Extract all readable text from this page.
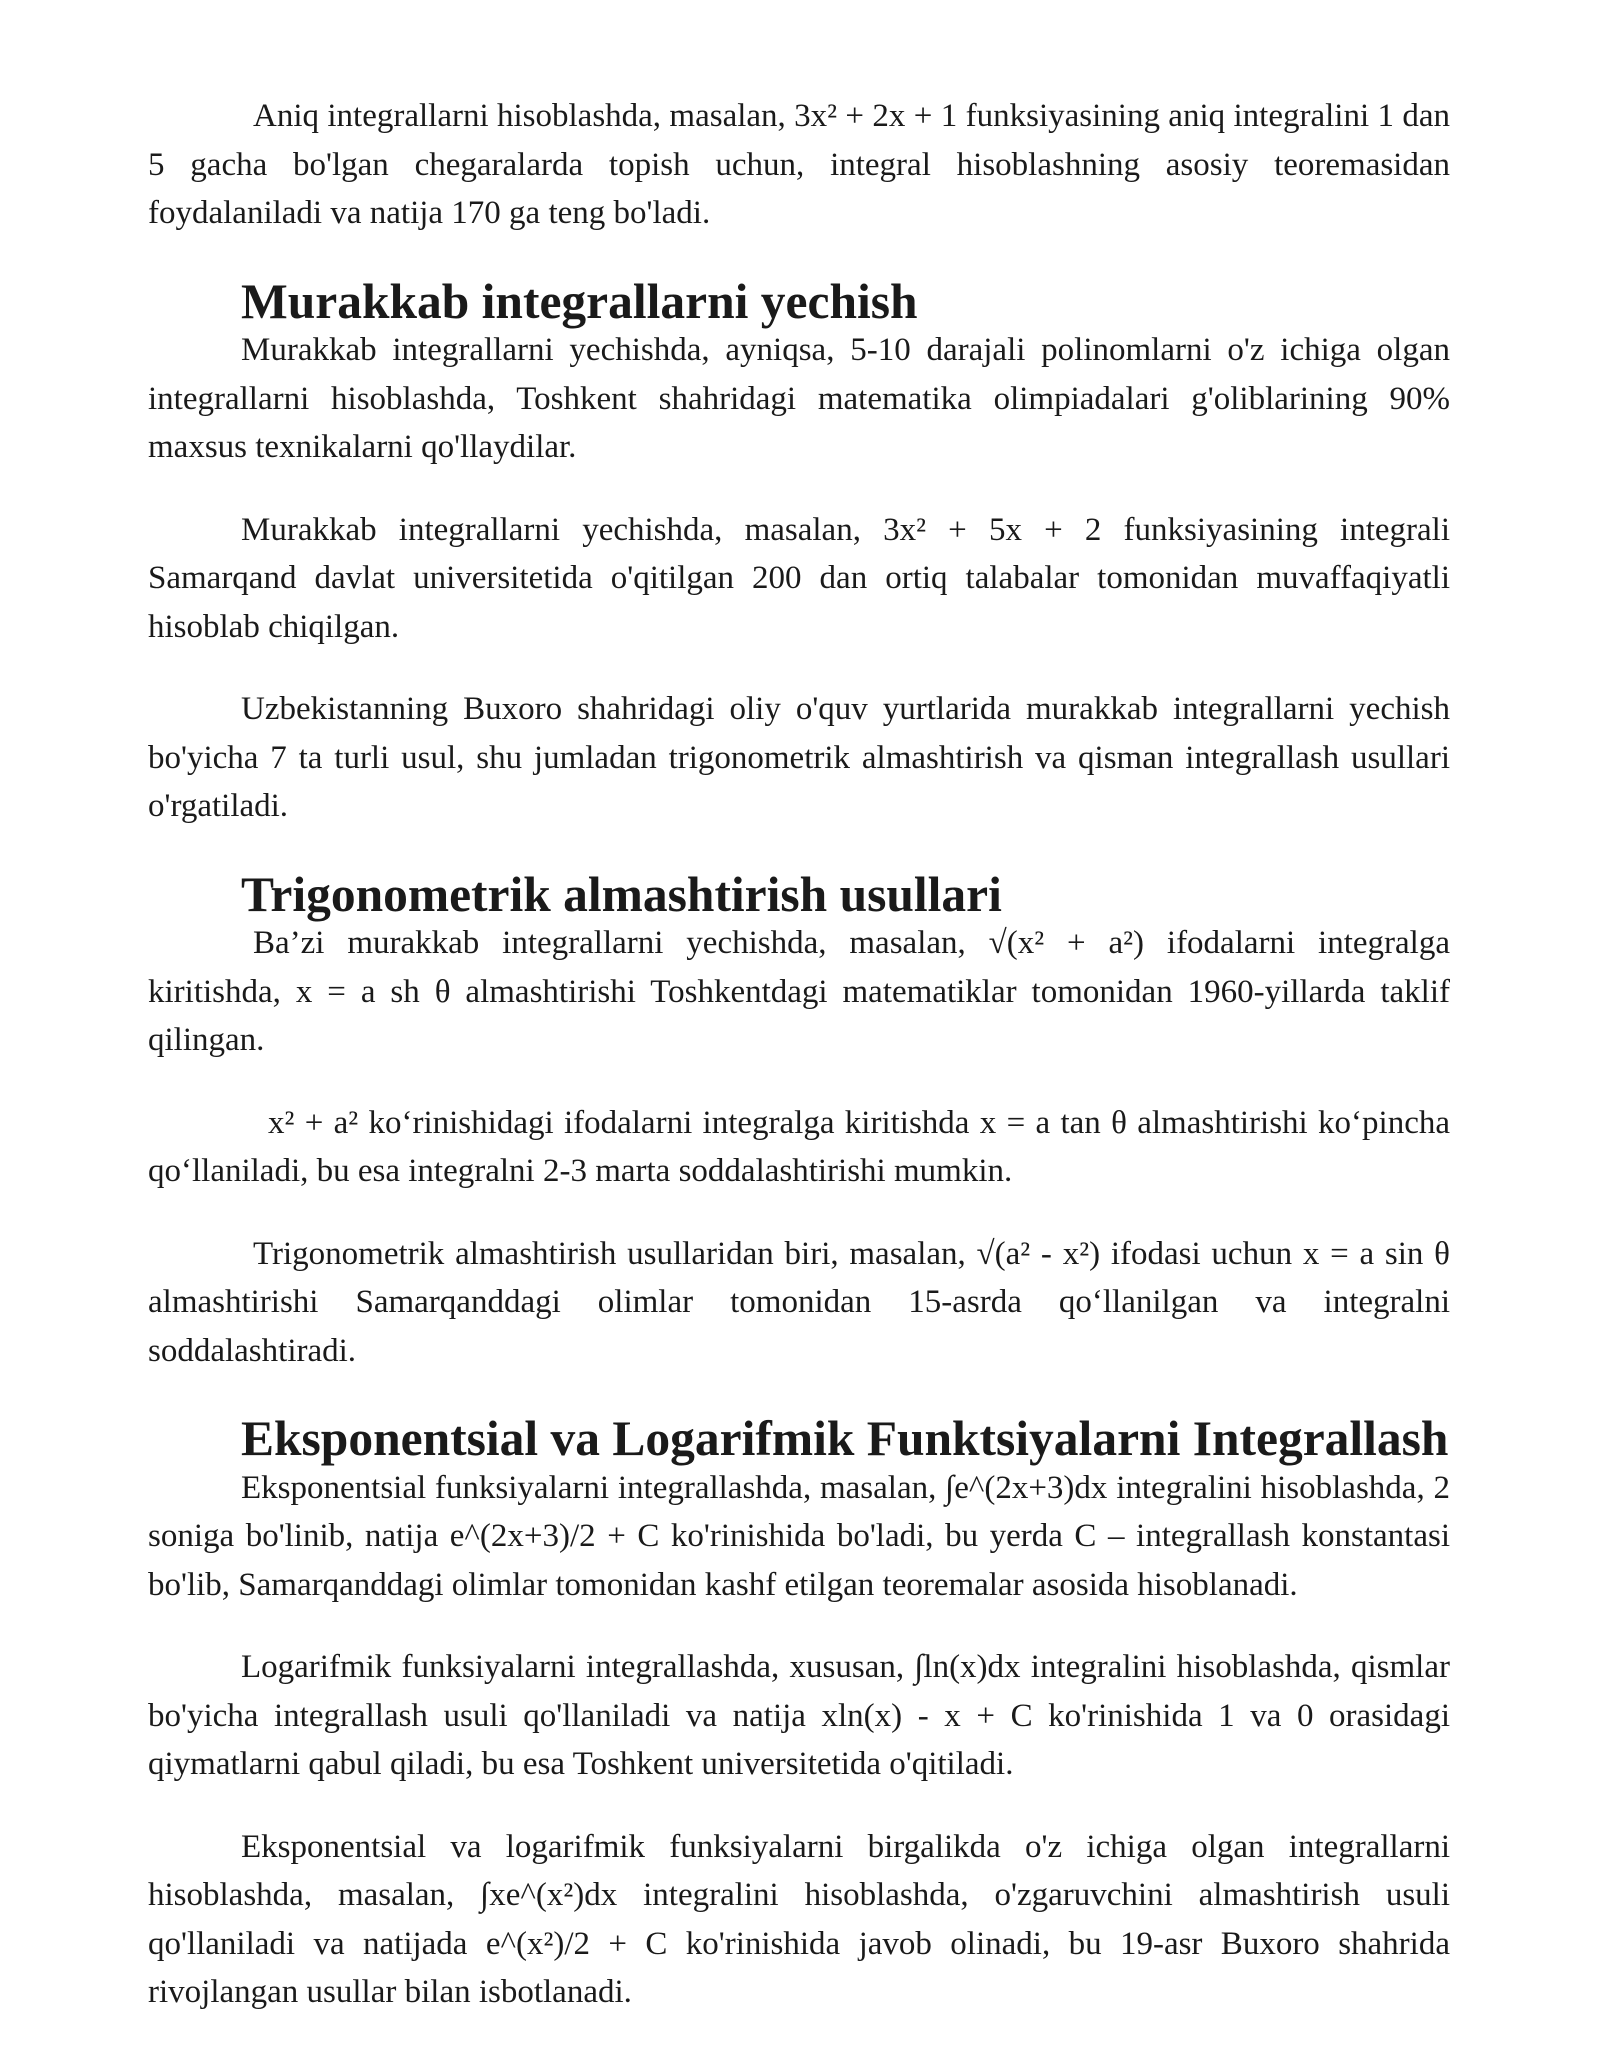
Aniq integrallarni hisoblashda, masalan, 3x² + 2x + 1 funksiyasining aniq integralini 1 dan 5 gacha bo'lgan chegaralarda topish uchun, integral hisoblashning asosiy teoremasidan foydalaniladi va natija 170 ga teng bo'ladi.

Murakkab integrallarni yechish

Murakkab integrallarni yechishda, ayniqsa, 5-10 darajali polinomlarni o'z ichiga olgan integrallarni hisoblashda, Toshkent shahridagi matematika olimpiadalari g'oliblarining 90% maxsus texnikalarni qo'llaydilar.

Murakkab integrallarni yechishda, masalan, 3x² + 5x + 2 funksiyasining integrali Samarqand davlat universitetida o'qitilgan 200 dan ortiq talabalar tomonidan muvaffaqiyatli hisoblab chiqilgan.

Uzbekistanning Buxoro shahridagi oliy o'quv yurtlarida murakkab integrallarni yechish bo'yicha 7 ta turli usul, shu jumladan trigonometrik almashtirish va qisman integrallash usullari o'rgatiladi.

Trigonometrik almashtirish usullari

Ba’zi murakkab integrallarni yechishda, masalan, √(x² + a²) ifodalarni integralga kiritishda, x = a sh θ almashtirishi Toshkentdagi matematiklar tomonidan 1960-yillarda taklif qilingan.

x² + a² ko‘rinishidagi ifodalarni integralga kiritishda x = a tan θ almashtirishi ko‘pincha qo‘llaniladi, bu esa integralni 2-3 marta soddalashtirishi mumkin.

Trigonometrik almashtirish usullaridan biri, masalan, √(a² - x²) ifodasi uchun x = a sin θ almashtirishi Samarqanddagi olimlar tomonidan 15-asrda qo‘llanilgan va integralni soddalashtiradi.

Eksponentsial va Logarifmik Funktsiyalarni Integrallash

Eksponentsial funksiyalarni integrallashda, masalan, ∫e^(2x+3)dx integralini hisoblashda, 2 soniga bo'linib, natija e^(2x+3)/2 + C ko'rinishida bo'ladi, bu yerda C – integrallash konstantasi bo'lib, Samarqanddagi olimlar tomonidan kashf etilgan teoremalar asosida hisoblanadi.

Logarifmik funksiyalarni integrallashda, xususan, ∫ln(x)dx integralini hisoblashda, qismlar bo'yicha integrallash usuli qo'llaniladi va natija xln(x) - x + C ko'rinishida 1 va 0 orasidagi qiymatlarni qabul qiladi, bu esa Toshkent universitetida o'qitiladi.

Eksponentsial va logarifmik funksiyalarni birgalikda o'z ichiga olgan integrallarni hisoblashda, masalan, ∫xe^(x²)dx integralini hisoblashda, o'zgaruvchini almashtirish usuli qo'llaniladi va natijada e^(x²)/2 + C ko'rinishida javob olinadi, bu 19-asr Buxoro shahrida rivojlangan usullar bilan isbotlanadi.
